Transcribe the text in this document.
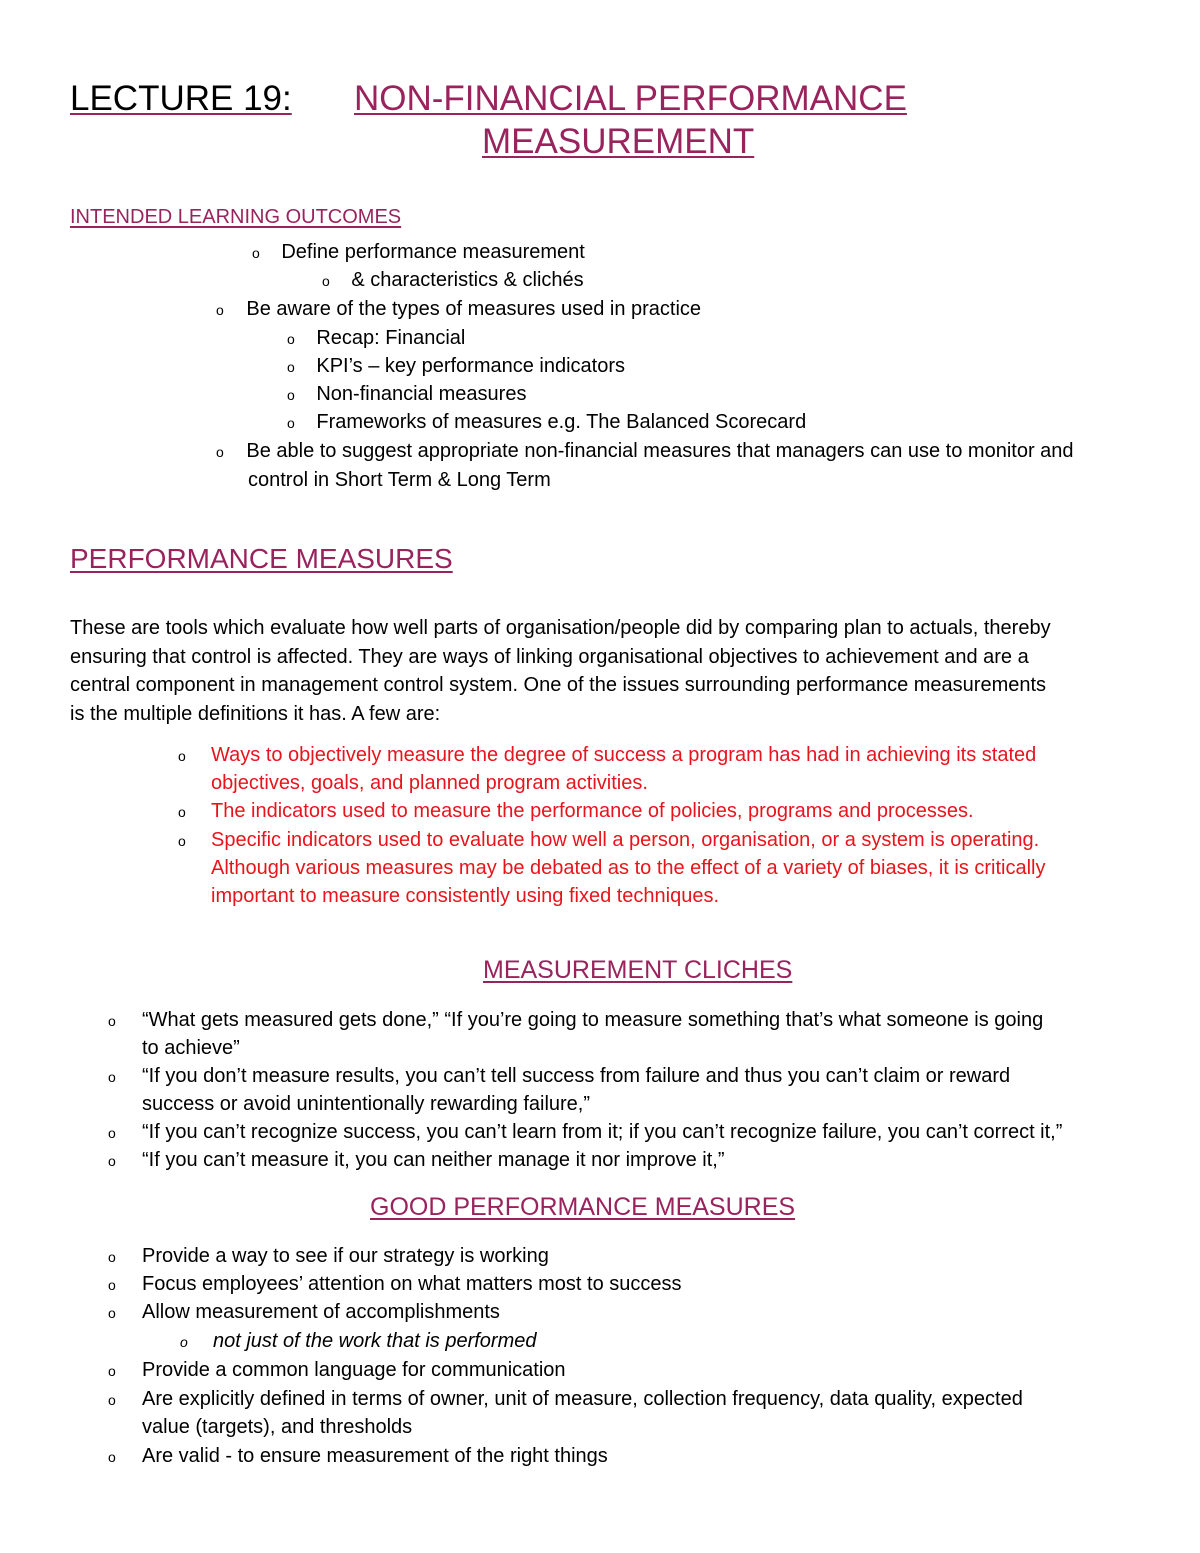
LECTURE 19: NON-FINANCIAL PERFORMANCE
MEASUREMENT
INTENDED LEARNING OUTCOMES
o Define performance measurement
o & characteristics & clichés
o Be aware of the types of measures used in practice
o Recap: Financial
o KPI’s – key performance indicators
o Non-financial measures
o Frameworks of measures e.g. The Balanced Scorecard
o Be able to suggest appropriate non-financial measures that managers can use to monitor and
control in Short Term & Long Term
PERFORMANCE MEASURES
These are tools which evaluate how well parts of organisation/people did by comparing plan to actuals, thereby
ensuring that control is affected. They are ways of linking organisational objectives to achievement and are a
central component in management control system. One of the issues surrounding performance measurements
is the multiple definitions it has. A few are:
o Ways to objectively measure the degree of success a program has had in achieving its stated
objectives, goals, and planned program activities.
o The indicators used to measure the performance of policies, programs and processes.
o Specific indicators used to evaluate how well a person, organisation, or a system is operating.
Although various measures may be debated as to the effect of a variety of biases, it is critically
important to measure consistently using fixed techniques.
MEASUREMENT CLICHES
o “What gets measured gets done,” “If you’re going to measure something that’s what someone is going
to achieve”
o “If you don’t measure results, you can’t tell success from failure and thus you can’t claim or reward
success or avoid unintentionally rewarding failure,”
o “If you can’t recognize success, you can’t learn from it; if you can’t recognize failure, you can’t correct it,”
o “If you can’t measure it, you can neither manage it nor improve it,”
GOOD PERFORMANCE MEASURES
o Provide a way to see if our strategy is working
o Focus employees’ attention on what matters most to success
o Allow measurement of accomplishments
o not just of the work that is performed
o Provide a common language for communication
o Are explicitly defined in terms of owner, unit of measure, collection frequency, data quality, expected
value (targets), and thresholds
o Are valid - to ensure measurement of the right things
